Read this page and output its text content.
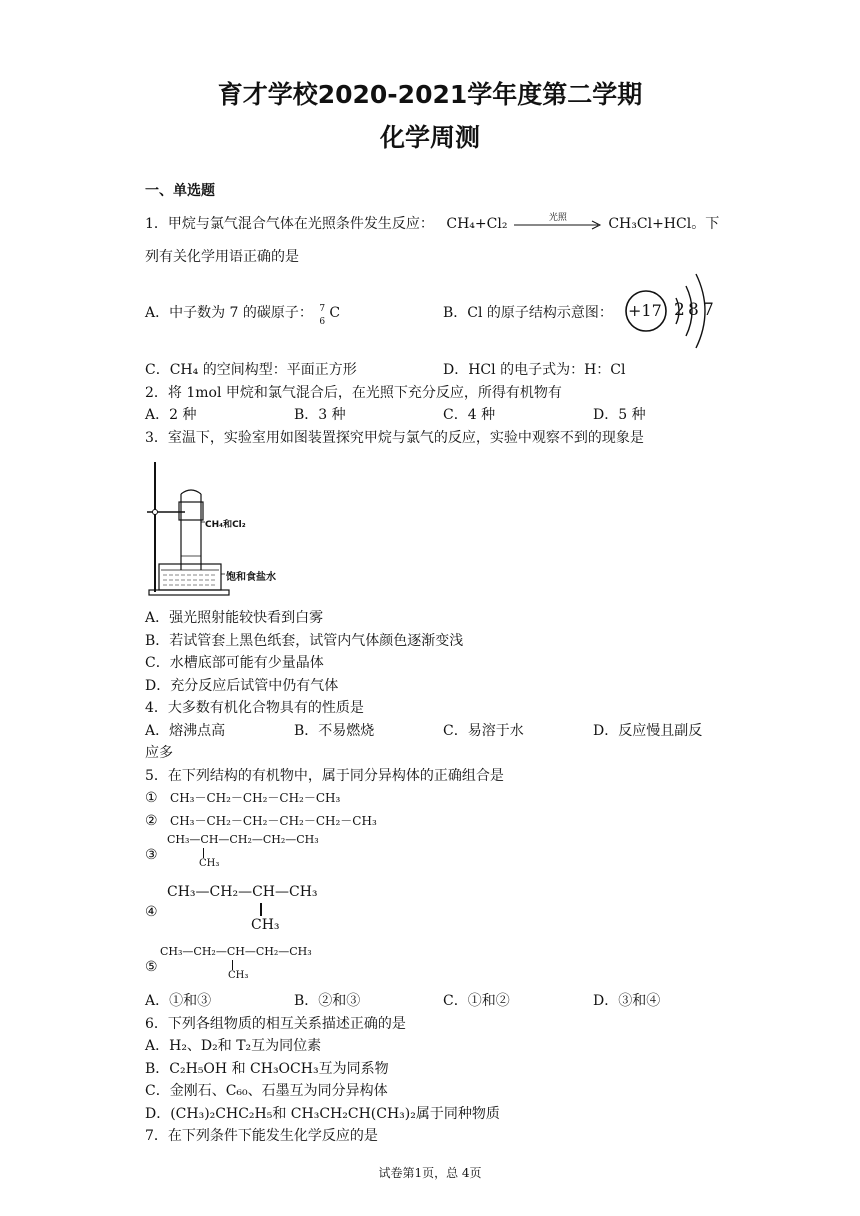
育才学校2020-2021学年度第二学期
化学周测
一、单选题
1．甲烷与氯气混合气体在光照条件发生反应： CH₄+Cl₂	光照	CH₃Cl+HCl。下
列有关化学用语正确的是
A．中子数为 7 的碳原子： 7
6
C	B．Cl 的原子结构示意图： +17 2 8 7
C．CH₄ 的空间构型：平面正方形	D．HCl 的电子式为：H：Cl
2．将 1mol 甲烷和氯气混合后，在光照下充分反应，所得有机物有
A．2 种	B．3 种	C．4 种	D．5 种
3．室温下，实验室用如图装置探究甲烷与氯气的反应，实验中观察不到的现象是
CH₄和Cl₂
饱和食盐水
A．强光照射能较快看到白雾
B．若试管套上黑色纸套，试管内气体颜色逐渐变浅
C．水槽底部可能有少量晶体
D．充分反应后试管中仍有气体
4．大多数有机化合物具有的性质是
A．熔沸点高	B．不易燃烧	C．易溶于水	D．反应慢且副反
应多
5．在下列结构的有机物中，属于同分异构体的正确组合是
① CH₃－CH₂－CH₂－CH₂－CH₃
② CH₃－CH₂－CH₂－CH₂－CH₂－CH₃
③
CH₃—CH—CH₂—CH₂—CH₃
CH₃
④
CH₃—CH₂—CH—CH₃
CH₃
⑤
CH₃—CH₂—CH—CH₂—CH₃
CH₃
A．①和③	B．②和③	C．①和②	D．③和④
6．下列各组物质的相互关系描述正确的是
A．H₂、D₂和 T₂互为同位素
B．C₂H₅OH 和 CH₃OCH₃互为同系物
C．金刚石、C₆₀、石墨互为同分异构体
D．(CH₃)₂CHC₂H₅和 CH₃CH₂CH(CH₃)₂属于同种物质
7．在下列条件下能发生化学反应的是
试卷第1页，总 4页
